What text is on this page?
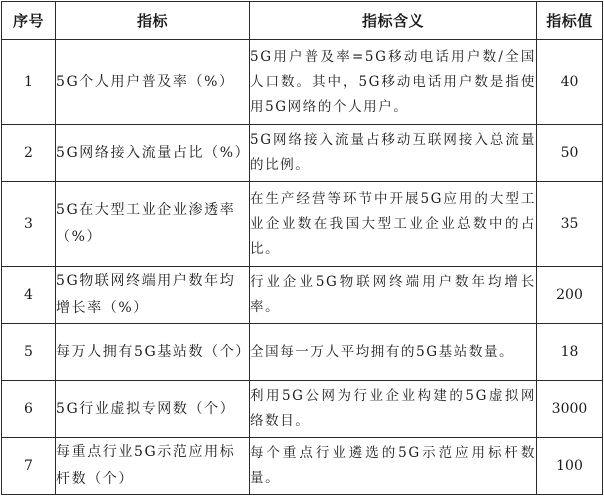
序号	指标	指标含义	指标值
1	5G个人用户普及率（%）	5G用户普及率=5G移动电话用户数/全国人口数。其中，5G移动电话用户数是指使用5G网络的个人用户。	40
2	5G网络接入流量占比（%）	5G网络接入流量占移动互联网接入总流量的比例。	50
3	5G在大型工业企业渗透率（%）	在生产经营等环节中开展5G应用的大型工业企业数在我国大型工业企业总数中的占比。	35
4	5G物联网终端用户数年均增长率（%）	行业企业5G物联网终端用户数年均增长率。	200
5	每万人拥有5G基站数（个）	全国每一万人平均拥有的5G基站数量。	18
6	5G行业虚拟专网数（个）	利用5G公网为行业企业构建的5G虚拟网络数目。	3000
7	每重点行业5G示范应用标杆数（个）	每个重点行业遴选的5G示范应用标杆数量。	100
